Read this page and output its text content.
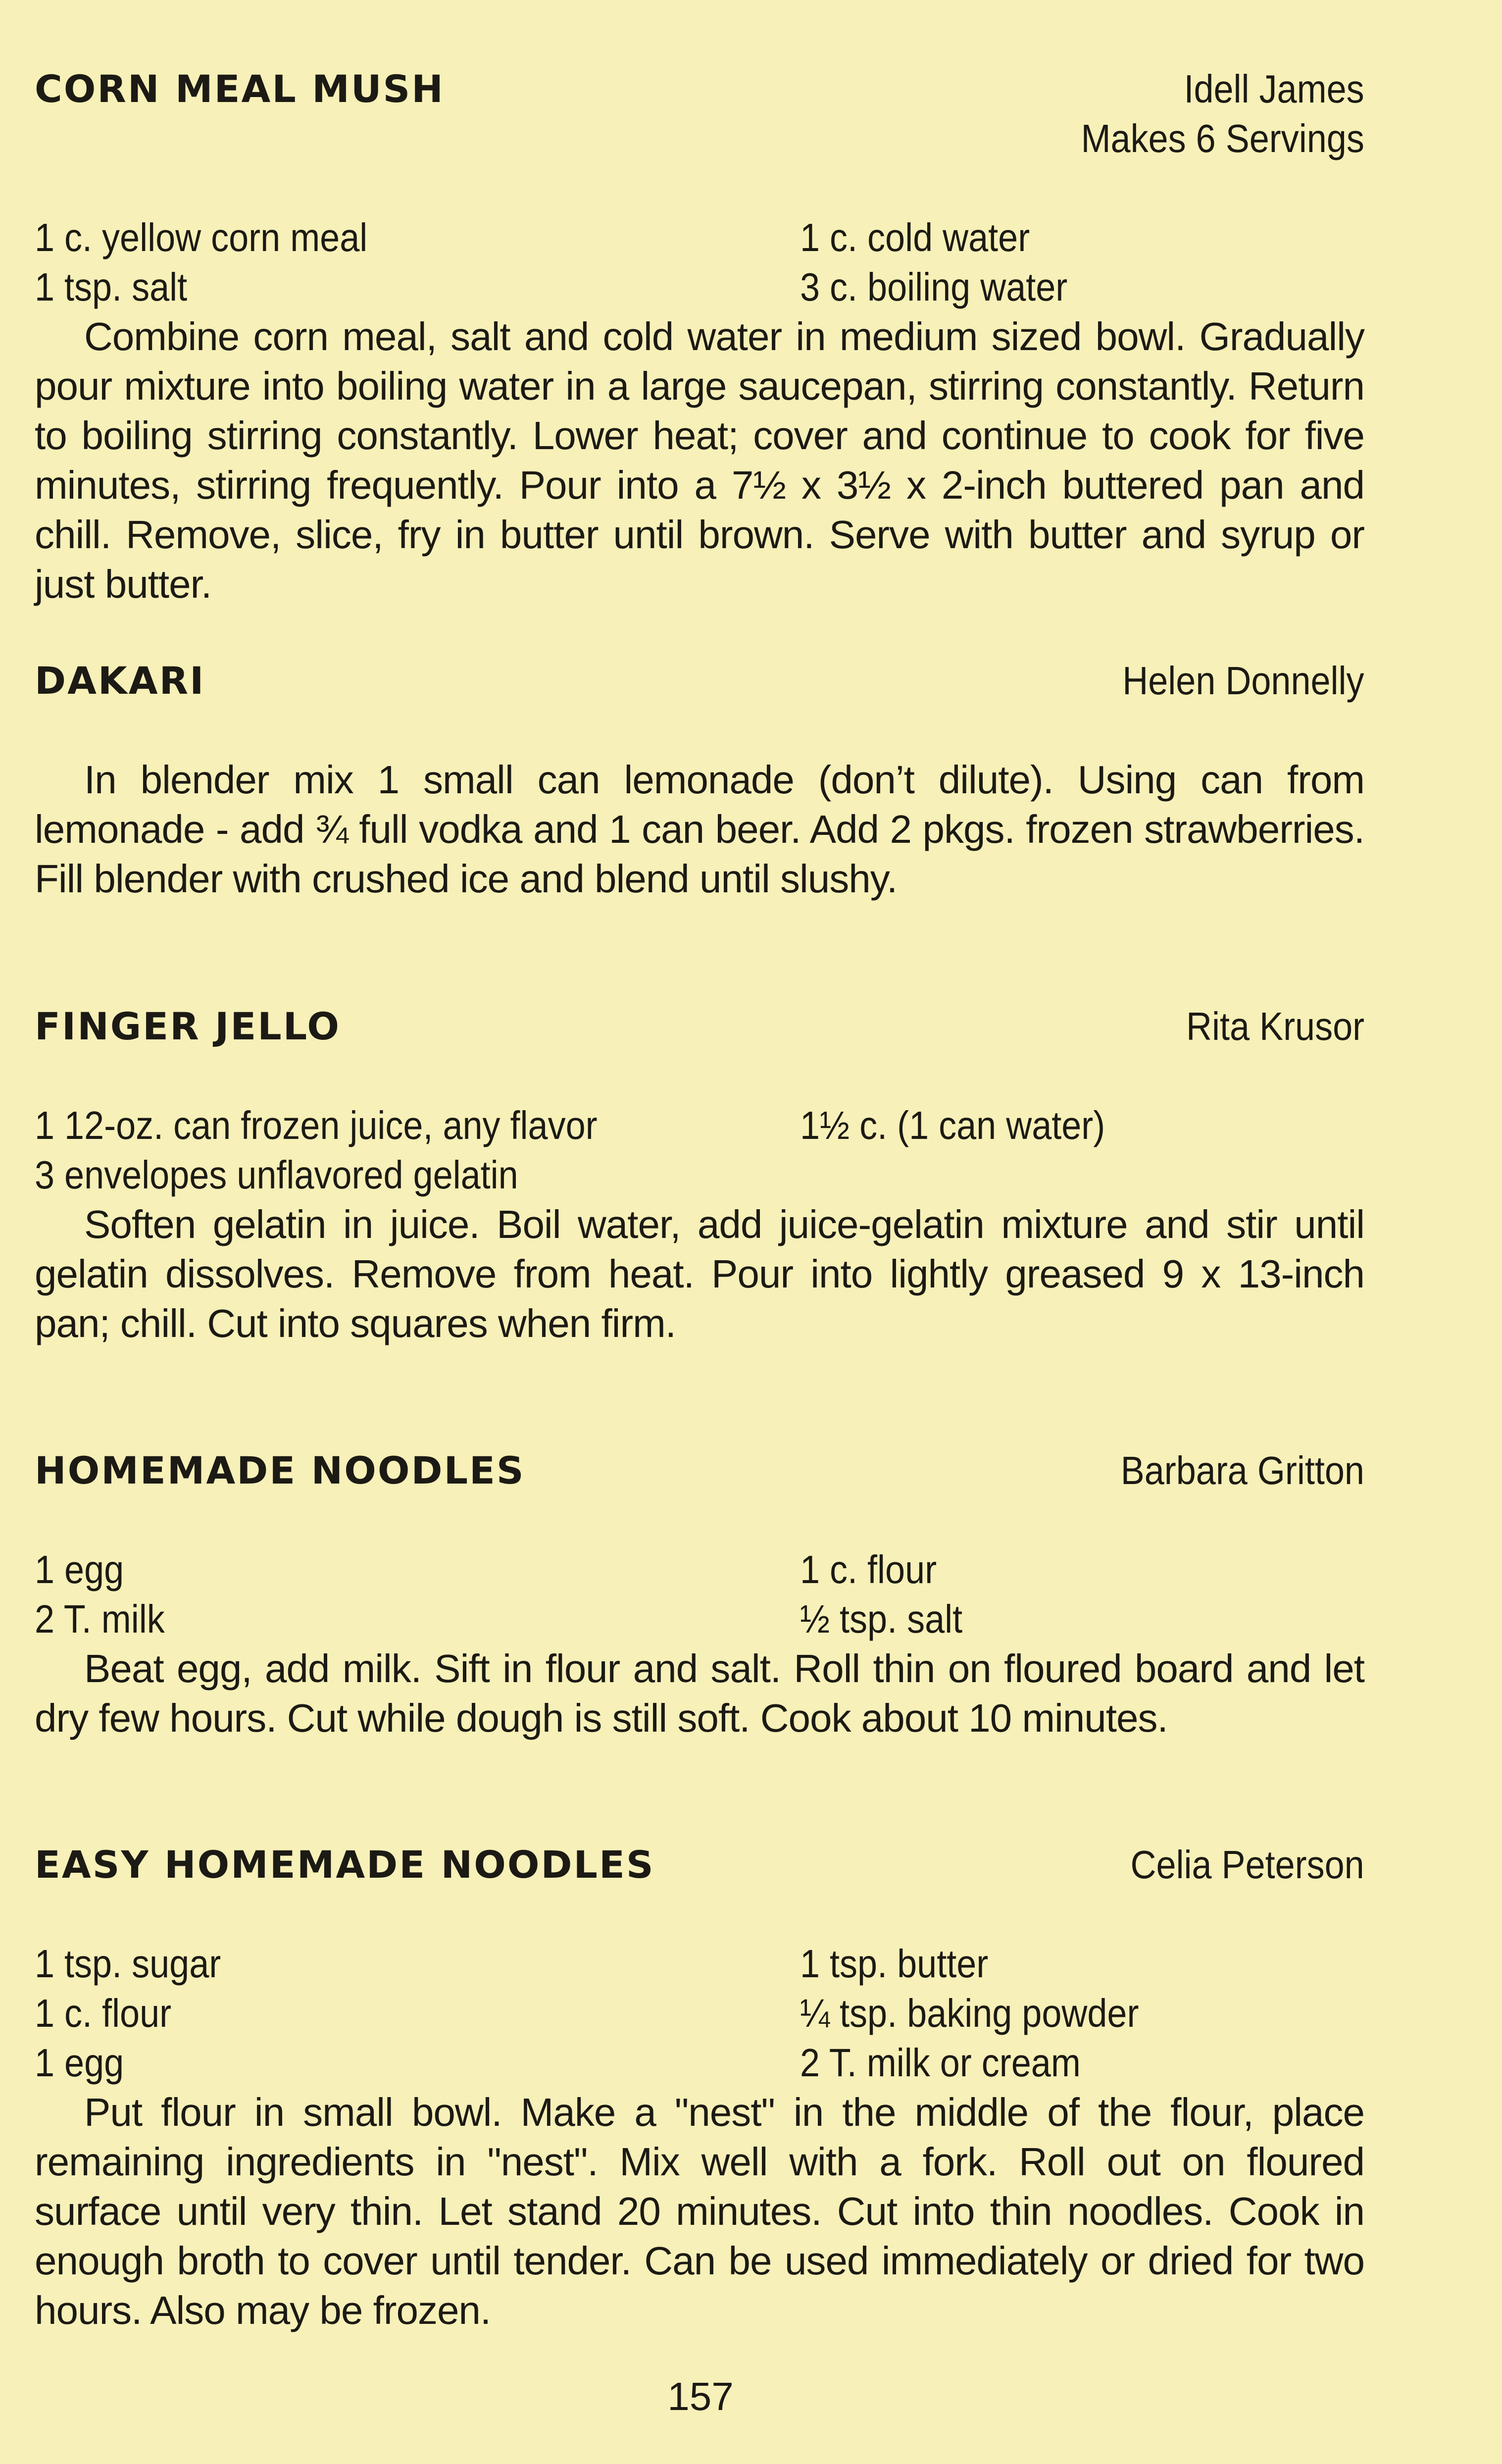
CORN MEAL MUSH	Idell James
Makes 6 Servings
1 c. yellow corn meal	1 c. cold water
1 tsp. salt	3 c. boiling water

Combine corn meal, salt and cold water in medium sized bowl. Gradually pour mixture into boiling water in a large saucepan, stirring constantly. Return to boiling stirring constantly. Lower heat; cover and continue to cook for five minutes, stirring frequently. Pour into a 7½ x 3½ x 2-inch buttered pan and chill. Remove, slice, fry in butter until brown. Serve with butter and syrup or just butter.

DAKARI	Helen Donnelly

In blender mix 1 small can lemonade (don’t dilute). Using can from lemonade - add ¾ full vodka and 1 can beer. Add 2 pkgs. frozen strawberries. Fill blender with crushed ice and blend until slushy.

FINGER JELLO	Rita Krusor
1 12-oz. can frozen juice, any flavor	1½ c. (1 can water)
3 envelopes unflavored gelatin

Soften gelatin in juice. Boil water, add juice-gelatin mixture and stir until gelatin dissolves. Remove from heat. Pour into lightly greased 9 x 13-inch pan; chill. Cut into squares when firm.

HOMEMADE NOODLES	Barbara Gritton
1 egg	1 c. flour
2 T. milk	½ tsp. salt

Beat egg, add milk. Sift in flour and salt. Roll thin on floured board and let dry few hours. Cut while dough is still soft. Cook about 10 minutes.

EASY HOMEMADE NOODLES	Celia Peterson
1 tsp. sugar	1 tsp. butter
1 c. flour	¼ tsp. baking powder
1 egg	2 T. milk or cream

Put flour in small bowl. Make a "nest" in the middle of the flour, place remaining ingredients in "nest". Mix well with a fork. Roll out on floured surface until very thin. Let stand 20 minutes. Cut into thin noodles. Cook in enough broth to cover until tender. Can be used immediately or dried for two hours. Also may be frozen.

157
